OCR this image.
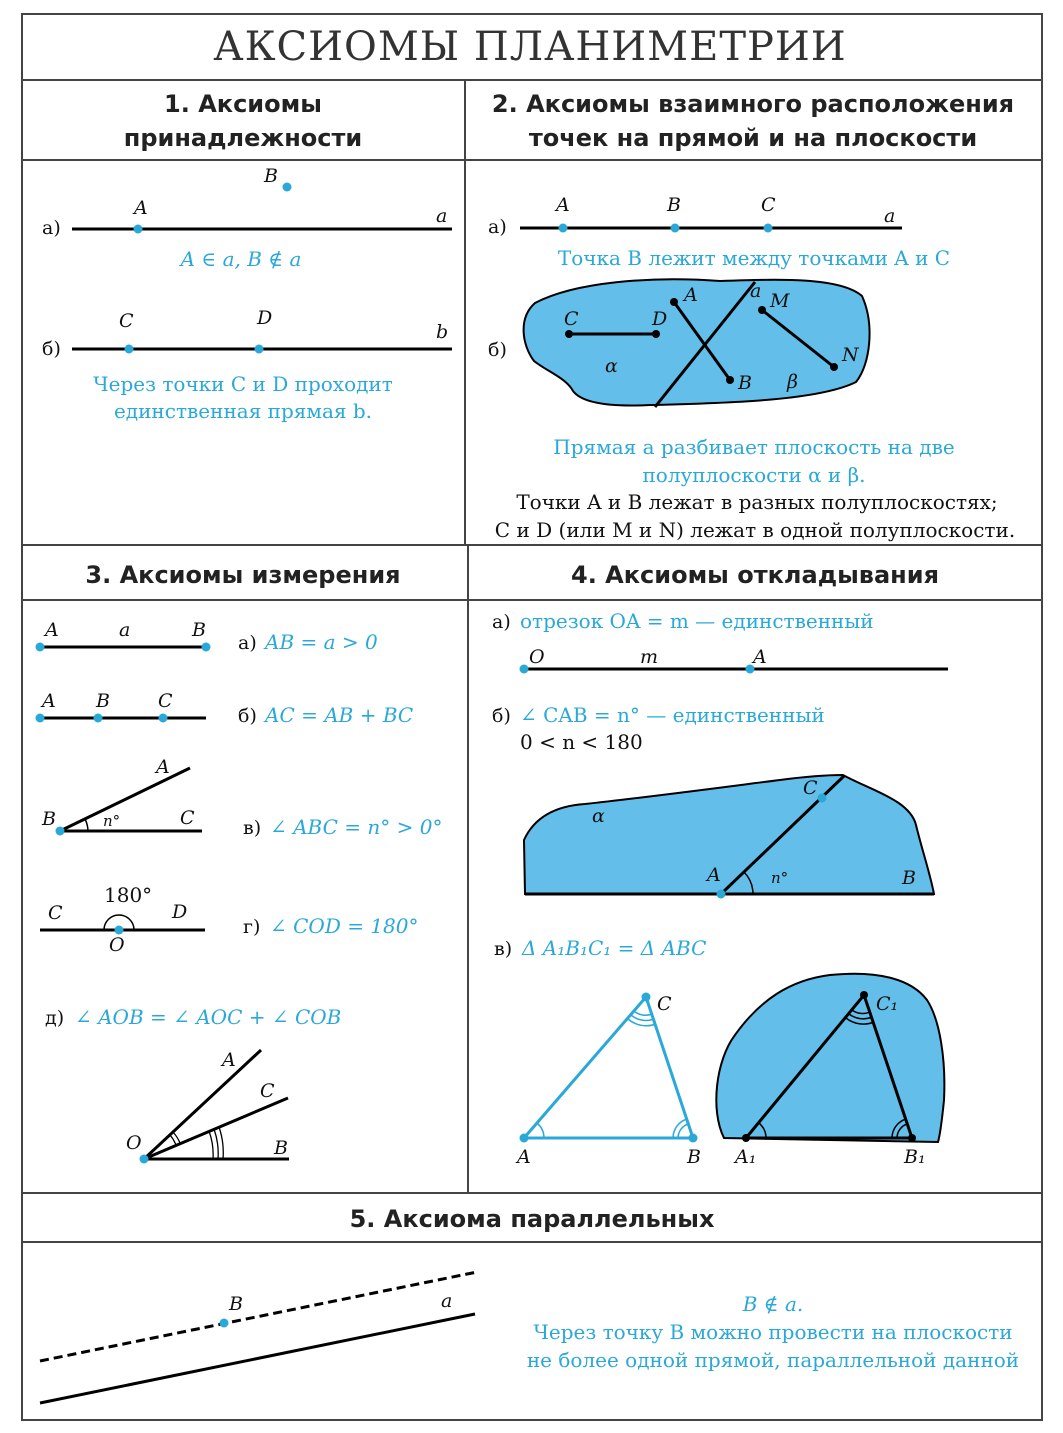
АКСИОМЫ ПЛАНИМЕТРИИ
1. Аксиомы
принадлежности
2. Аксиомы взаимного расположения
точек на прямой и на плоскости
3. Аксиомы измерения	4. Аксиомы откладывания
5. Аксиома параллельных
а)
A
B
a
A ∈ a, B ∉ a
б)
C	D
b
Через точки C и D проходит
единственная прямая b.
а)
A	B	C	a
Точка B лежит между точками A и C
б)
C	D
A
B
M
N
a
α
β
Прямая a разбивает плоскость на две
полуплоскости α и β.
Точки A и B лежат в разных полуплоскостях;
C и D (или M и N) лежат в одной полуплоскости.
A	a	B
а) AB = a > 0
A B	C
б) AC = AB + BC
A
B	C
n°	в) ∠ ABC = n° > 0°
180°
C	D
O
г) ∠ COD = 180°
д) ∠ AOB = ∠ AOC + ∠ COB
A
C
O	B
а) отрезок OA = m — единственный
O	m	A
б) ∠ CAB = n° — единственный
0 < n < 180
α
C
A	B
n°
в) Δ A₁B₁C₁ = Δ ABC
A	B
C
A₁	B₁
C₁
B	a	B ∉ a.
Через точку B можно провести на плоскости
не более одной прямой, параллельной данной
